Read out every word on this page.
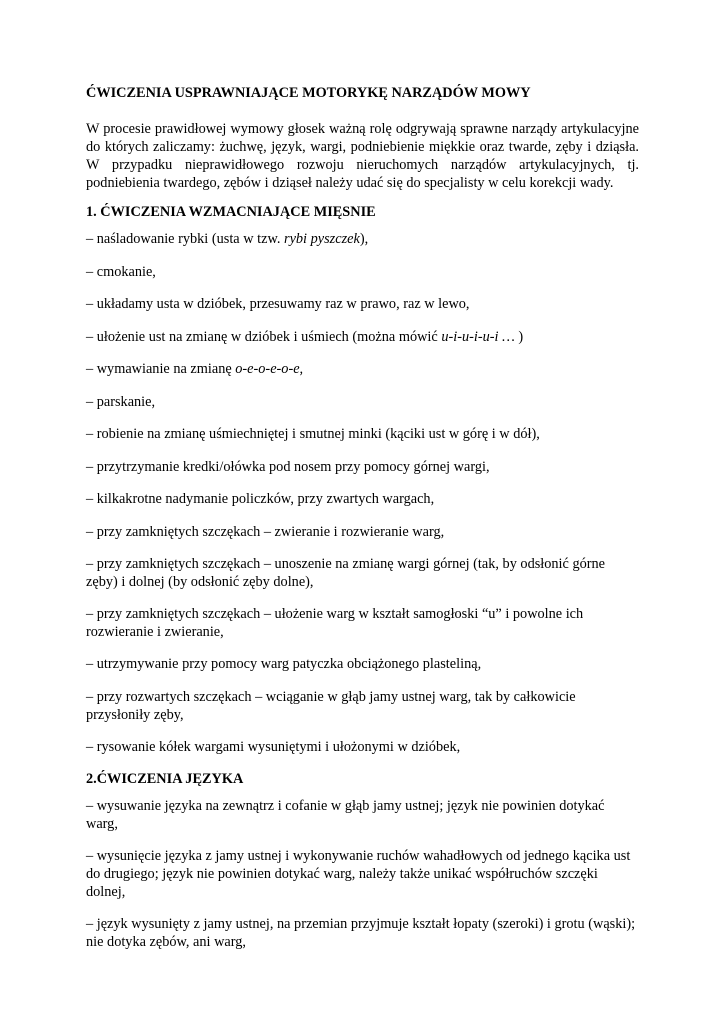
ĆWICZENIA USPRAWNIAJĄCE MOTORYKĘ NARZĄDÓW MOWY
W procesie prawidłowej wymowy głosek ważną rolę odgrywają sprawne narządy artykulacyjne do których zaliczamy: żuchwę, język, wargi, podniebienie miękkie oraz twarde, zęby i dziąsła. W przypadku nieprawidłowego rozwoju nieruchomych narządów artykulacyjnych, tj. podniebienia twardego, zębów i dziąseł należy udać się do specjalisty w celu korekcji wady.
1. ĆWICZENIA WZMACNIAJĄCE MIĘSNIE
– naśladowanie rybki (usta w tzw. rybi pyszczek),
– cmokanie,
– układamy usta w dzióbek, przesuwamy raz w prawo, raz w lewo,
– ułożenie ust na zmianę w dzióbek i uśmiech (można mówić u-i-u-i-u-i … )
– wymawianie na zmianę o-e-o-e-o-e,
– parskanie,
– robienie na zmianę uśmiechniętej i smutnej minki (kąciki ust w górę i w dół),
– przytrzymanie kredki/ołówka pod nosem przy pomocy górnej wargi,
– kilkakrotne nadymanie policzków, przy zwartych wargach,
– przy zamkniętych szczękach – zwieranie i rozwieranie warg,
– przy zamkniętych szczękach – unoszenie na zmianę wargi górnej (tak, by odsłonić górne zęby) i dolnej (by odsłonić zęby dolne),
– przy zamkniętych szczękach – ułożenie warg w kształt samogłoski “u” i powolne ich rozwieranie i zwieranie,
– utrzymywanie przy pomocy warg patyczka obciążonego plasteliną,
– przy rozwartych szczękach – wciąganie w głąb jamy ustnej warg, tak by całkowicie przysłoniły zęby,
– rysowanie kółek wargami wysuniętymi i ułożonymi w dzióbek,
2.ĆWICZENIA JĘZYKA
– wysuwanie języka na zewnątrz i cofanie w głąb jamy ustnej; język nie powinien dotykać warg,
– wysunięcie języka z jamy ustnej i wykonywanie ruchów wahadłowych od jednego kącika ust do drugiego; język nie powinien dotykać warg, należy także unikać współruchów szczęki dolnej,
– język wysunięty z jamy ustnej, na przemian przyjmuje kształt łopaty (szeroki) i grotu (wąski); nie dotyka zębów, ani warg,
